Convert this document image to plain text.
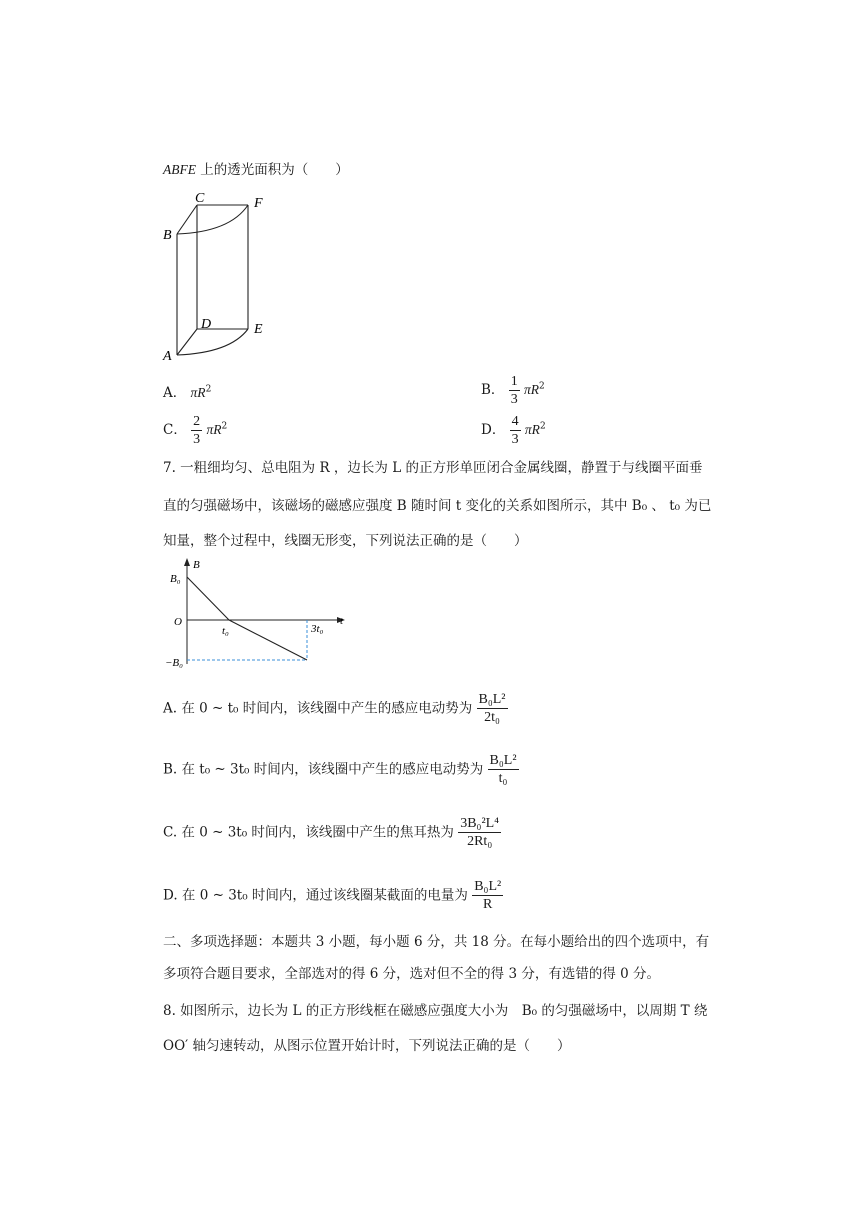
ABFE 上的透光面积为（　　）
C	F
B
D	E
A
A． $\pi R^2$	B． $\frac{1}{3} \pi R^2$
C． $\frac{2}{3} \pi R^2$	D． $\frac{4}{3} \pi R^2$
7. 一粗细均匀、总电阻为 R ，边长为 L 的正方形单匝闭合金属线圈，静置于与线圈平面垂
直的匀强磁场中，该磁场的磁感应强度 B 随时间 t 变化的关系如图所示，其中 B₀ 、 t₀ 为已
知量，整个过程中，线圈无形变，下列说法正确的是（　　）
B
t
O
B₀
−B₀
t₀	3t₀
A. 在 0 ~ t₀ 时间内，该线圈中产生的感应电动势为 $\frac{\text{B₀L²}}{\text{2t₀}}$
B. 在 t₀ ~ 3t₀ 时间内，该线圈中产生的感应电动势为 $\frac{\text{B₀L²}}{\text{t₀}}$
C. 在 0 ~ 3t₀ 时间内，该线圈中产生的焦耳热为 $\frac{\text{3B₀²L⁴}}{\text{2Rt₀}}$
D. 在 0 ~ 3t₀ 时间内，通过该线圈某截面的电量为 $\frac{\text{B₀L²}}{R}$
二、多项选择题：本题共 3 小题，每小题 6 分，共 18 分。在每小题给出的四个选项中，有
多项符合题目要求，全部选对的得 6 分，选对但不全的得 3 分，有选错的得 0 分。
8. 如图所示，边长为 L 的正方形线框在磁感应强度大小为　B₀ 的匀强磁场中，以周期 T 绕
OO′ 轴匀速转动，从图示位置开始计时，下列说法正确的是（　　）
